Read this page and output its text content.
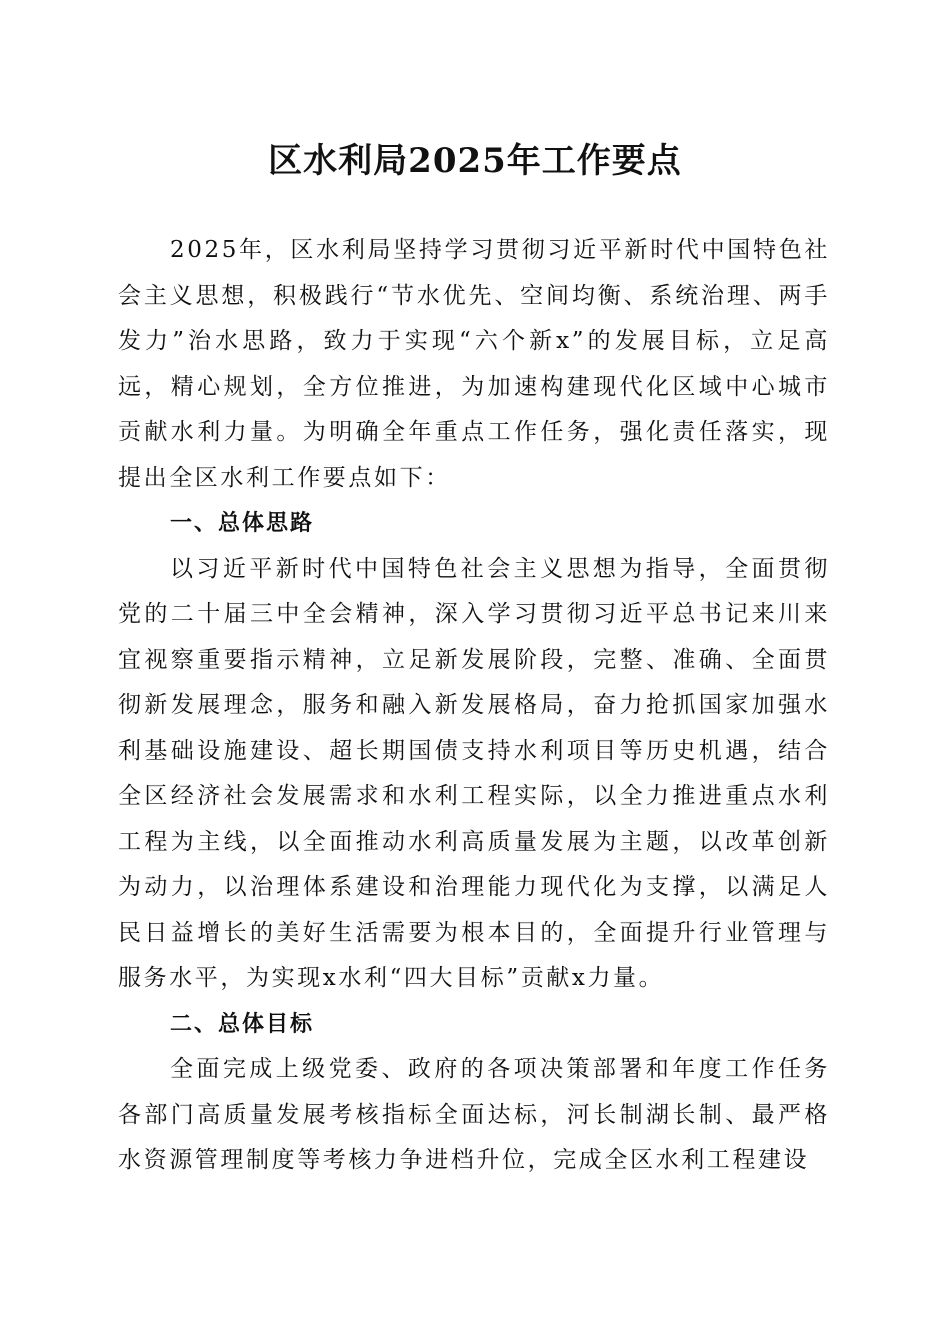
区水利局2025年工作要点

2025年，区水利局坚持学习贯彻习近平新时代中国特色社会主义思想，积极践行“节水优先、空间均衡、系统治理、两手发力”治水思路，致力于实现“六个新x”的发展目标，立足高远，精心规划，全方位推进，为加速构建现代化区域中心城市贡献水利力量。为明确全年重点工作任务，强化责任落实，现提出全区水利工作要点如下：

一、总体思路

以习近平新时代中国特色社会主义思想为指导，全面贯彻党的二十届三中全会精神，深入学习贯彻习近平总书记来川来宜视察重要指示精神，立足新发展阶段，完整、准确、全面贯彻新发展理念，服务和融入新发展格局，奋力抢抓国家加强水利基础设施建设、超长期国债支持水利项目等历史机遇，结合全区经济社会发展需求和水利工程实际，以全力推进重点水利工程为主线，以全面推动水利高质量发展为主题，以改革创新为动力，以治理体系建设和治理能力现代化为支撑，以满足人民日益增长的美好生活需要为根本目的，全面提升行业管理与服务水平，为实现x水利“四大目标”贡献x力量。

二、总体目标

全面完成上级党委、政府的各项决策部署和年度工作任务各部门高质量发展考核指标全面达标，河长制湖长制、最严格水资源管理制度等考核力争进档升位，完成全区水利工程建设
